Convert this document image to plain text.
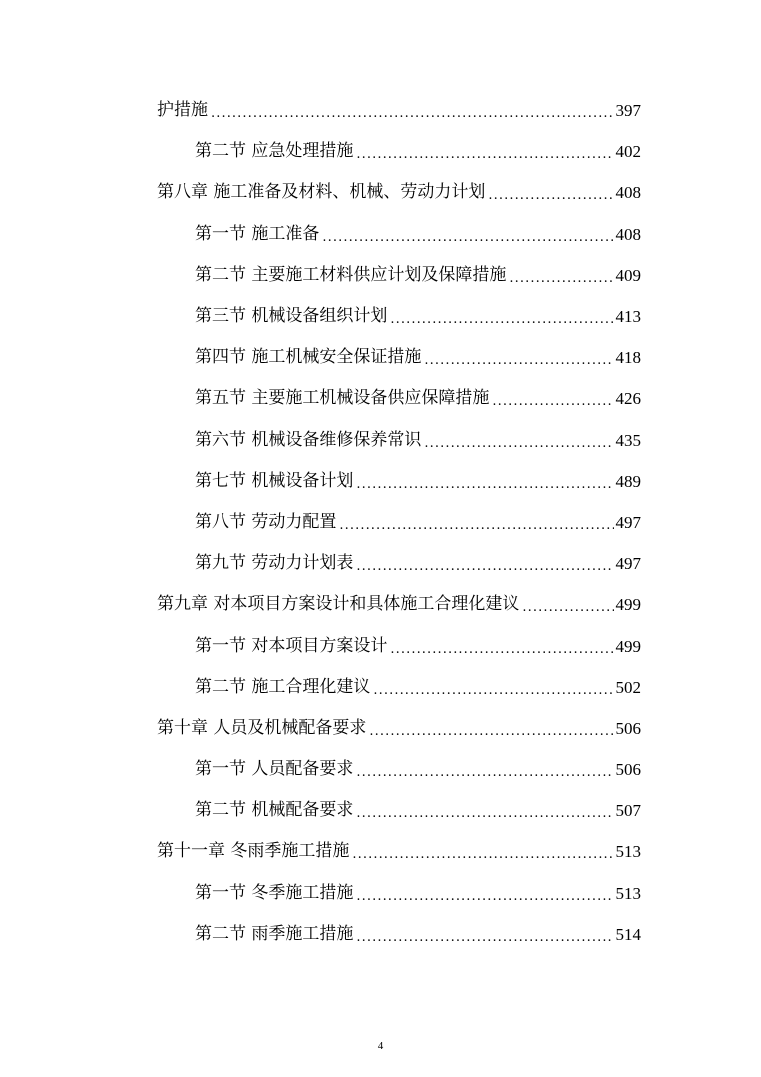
护措施 .....	397
第二节 应急处理措施 .....	402
第八章 施工准备及材料、机械、劳动力计划 .....	408
第一节 施工准备 .....	408
第二节 主要施工材料供应计划及保障措施 .....	409
第三节 机械设备组织计划 .....	413
第四节 施工机械安全保证措施 .....	418
第五节 主要施工机械设备供应保障措施 .....	426
第六节 机械设备维修保养常识 .....	435
第七节 机械设备计划 .....	489
第八节 劳动力配置 .....	497
第九节 劳动力计划表 .....	497
第九章 对本项目方案设计和具体施工合理化建议 .....	499
第一节 对本项目方案设计 .....	499
第二节 施工合理化建议 .....	502
第十章 人员及机械配备要求 .....	506
第一节 人员配备要求 .....	506
第二节 机械配备要求 .....	507
第十一章 冬雨季施工措施 .....	513
第一节 冬季施工措施 .....	513
第二节 雨季施工措施 .....	514
4
